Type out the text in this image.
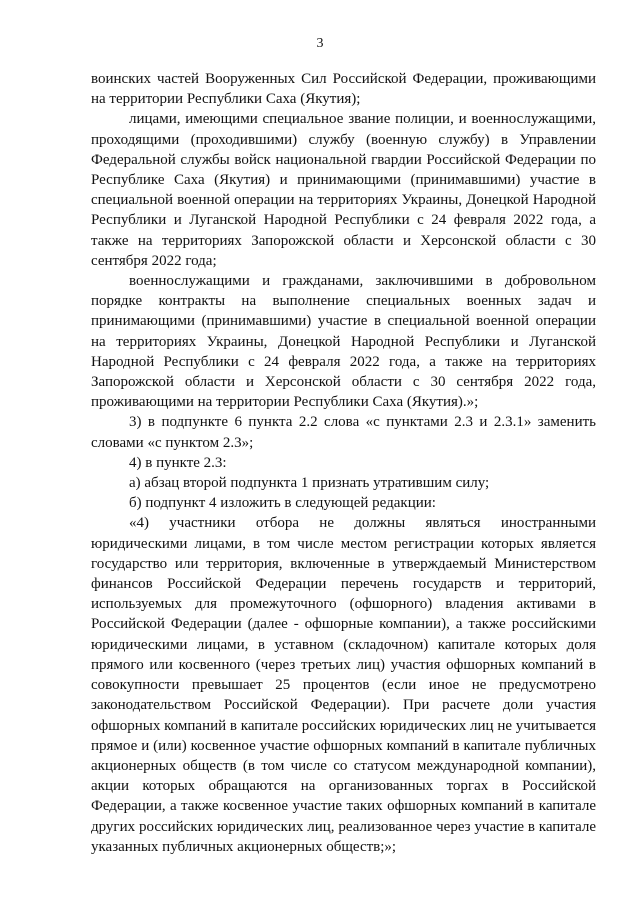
3

воинских частей Вооруженных Сил Российской Федерации, проживающими на территории Республики Саха (Якутия);

лицами, имеющими специальное звание полиции, и военнослужащими, проходящими (проходившими) службу (военную службу) в Управлении Федеральной службы войск национальной гвардии Российской Федерации по Республике Саха (Якутия) и принимающими (принимавшими) участие в специальной военной операции на территориях Украины, Донецкой Народной Республики и Луганской Народной Республики с 24 февраля 2022 года, а также на территориях Запорожской области и Херсонской области с 30 сентября 2022 года;

военнослужащими и гражданами, заключившими в добровольном порядке контракты на выполнение специальных военных задач и принимающими (принимавшими) участие в специальной военной операции на территориях Украины, Донецкой Народной Республики и Луганской Народной Республики с 24 февраля 2022 года, а также на территориях Запорожской области и Херсонской области с 30 сентября 2022 года, проживающими на территории Республики Саха (Якутия).»;

3) в подпункте 6 пункта 2.2 слова «с пунктами 2.3 и 2.3.1» заменить словами «с пунктом 2.3»;

4) в пункте 2.3:

а) абзац второй подпункта 1 признать утратившим силу;

б) подпункт 4 изложить в следующей редакции:

«4) участники отбора не должны являться иностранными юридическими лицами, в том числе местом регистрации которых является государство или территория, включенные в утверждаемый Министерством финансов Российской Федерации перечень государств и территорий, используемых для промежуточного (офшорного) владения активами в Российской Федерации (далее - офшорные компании), а также российскими юридическими лицами, в уставном (складочном) капитале которых доля прямого или косвенного (через третьих лиц) участия офшорных компаний в совокупности превышает 25 процентов (если иное не предусмотрено законодательством Российской Федерации). При расчете доли участия офшорных компаний в капитале российских юридических лиц не учитывается прямое и (или) косвенное участие офшорных компаний в капитале публичных акционерных обществ (в том числе со статусом международной компании), акции которых обращаются на организованных торгах в Российской Федерации, а также косвенное участие таких офшорных компаний в капитале других российских юридических лиц, реализованное через участие в капитале указанных публичных акционерных обществ;»;
